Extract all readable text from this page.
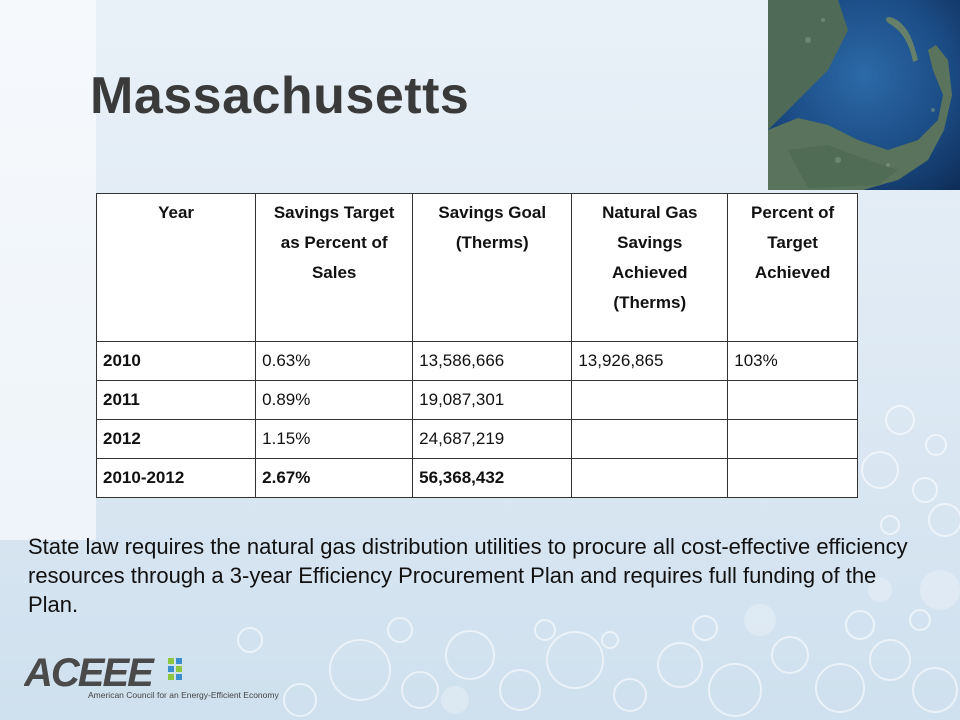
Massachusetts
Year	Savings Target as Percent of Sales	Savings Goal (Therms)	Natural Gas Savings Achieved (Therms)	Percent of Target Achieved
2010	0.63%	13,586,666	13,926,865	103%
2011	0.89%	19,087,301		
2012	1.15%	24,687,219		
2010-2012	2.67%	56,368,432		

State law requires the natural gas distribution utilities to procure all cost-effective efficiency resources through a 3-year Efficiency Procurement Plan and requires full funding of the Plan.

ACEEE
American Council for an Energy-Efficient Economy
